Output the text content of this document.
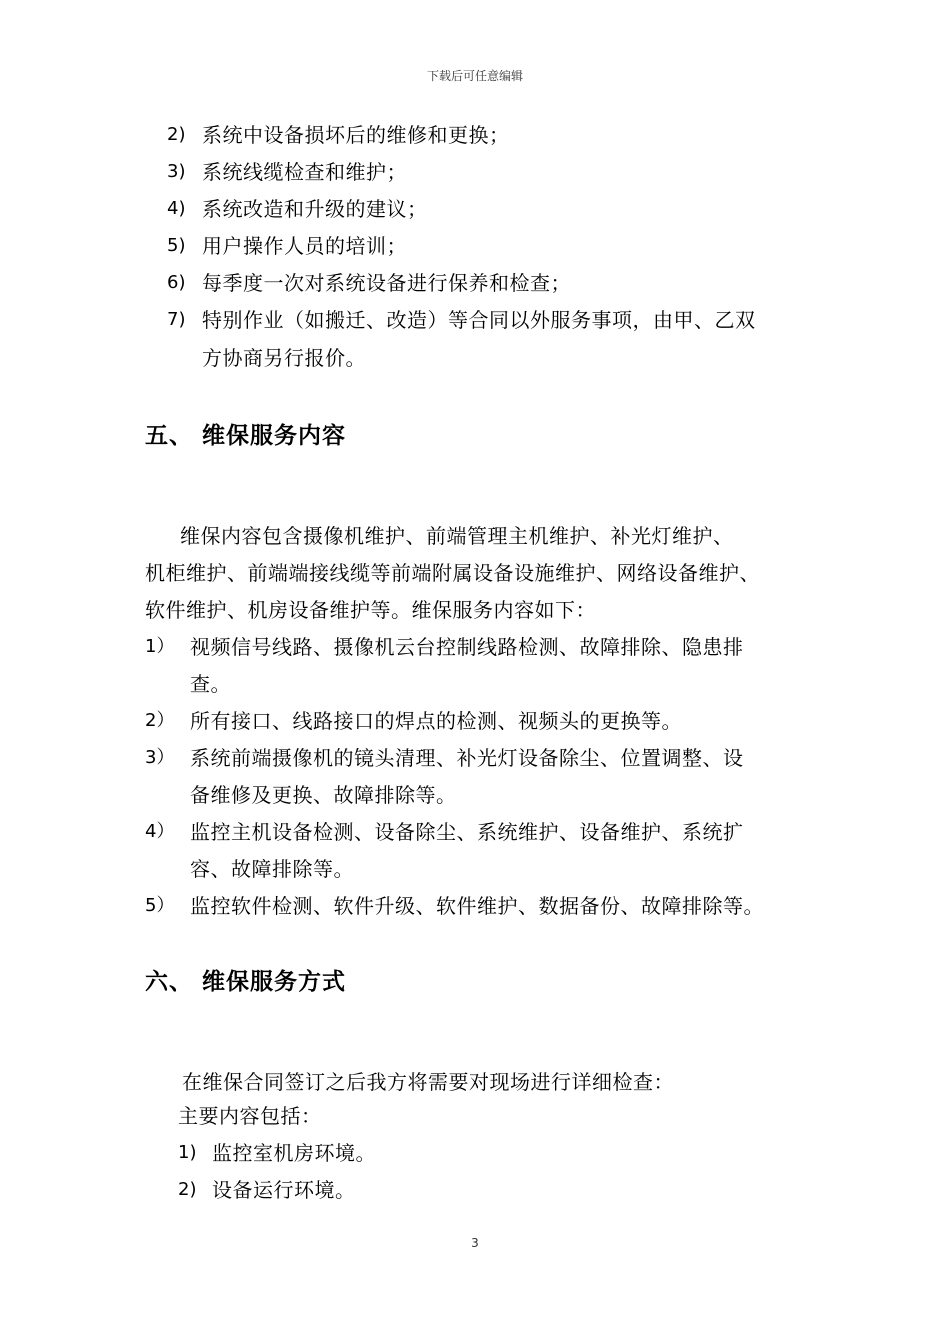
下载后可任意编辑
2) 系统中设备损坏后的维修和更换；
3) 系统线缆检查和维护；
4) 系统改造和升级的建议；
5) 用户操作人员的培训；
6) 每季度一次对系统设备进行保养和检查；
7) 特别作业（如搬迁、改造）等合同以外服务事项，由甲、乙双
方协商另行报价。
五、 维保服务内容
维保内容包含摄像机维护、前端管理主机维护、补光灯维护、
机柜维护、前端端接线缆等前端附属设备设施维护、网络设备维护、
软件维护、机房设备维护等。维保服务内容如下：
1） 视频信号线路、摄像机云台控制线路检测、故障排除、隐患排
查。
2） 所有接口、线路接口的焊点的检测、视频头的更换等。
3） 系统前端摄像机的镜头清理、补光灯设备除尘、位置调整、设
备维修及更换、故障排除等。
4） 监控主机设备检测、设备除尘、系统维护、设备维护、系统扩
容、故障排除等。
5） 监控软件检测、软件升级、软件维护、数据备份、故障排除等。
六、 维保服务方式
在维保合同签订之后我方将需要对现场进行详细检查：
主要内容包括：
1) 监控室机房环境。
2) 设备运行环境。
3
